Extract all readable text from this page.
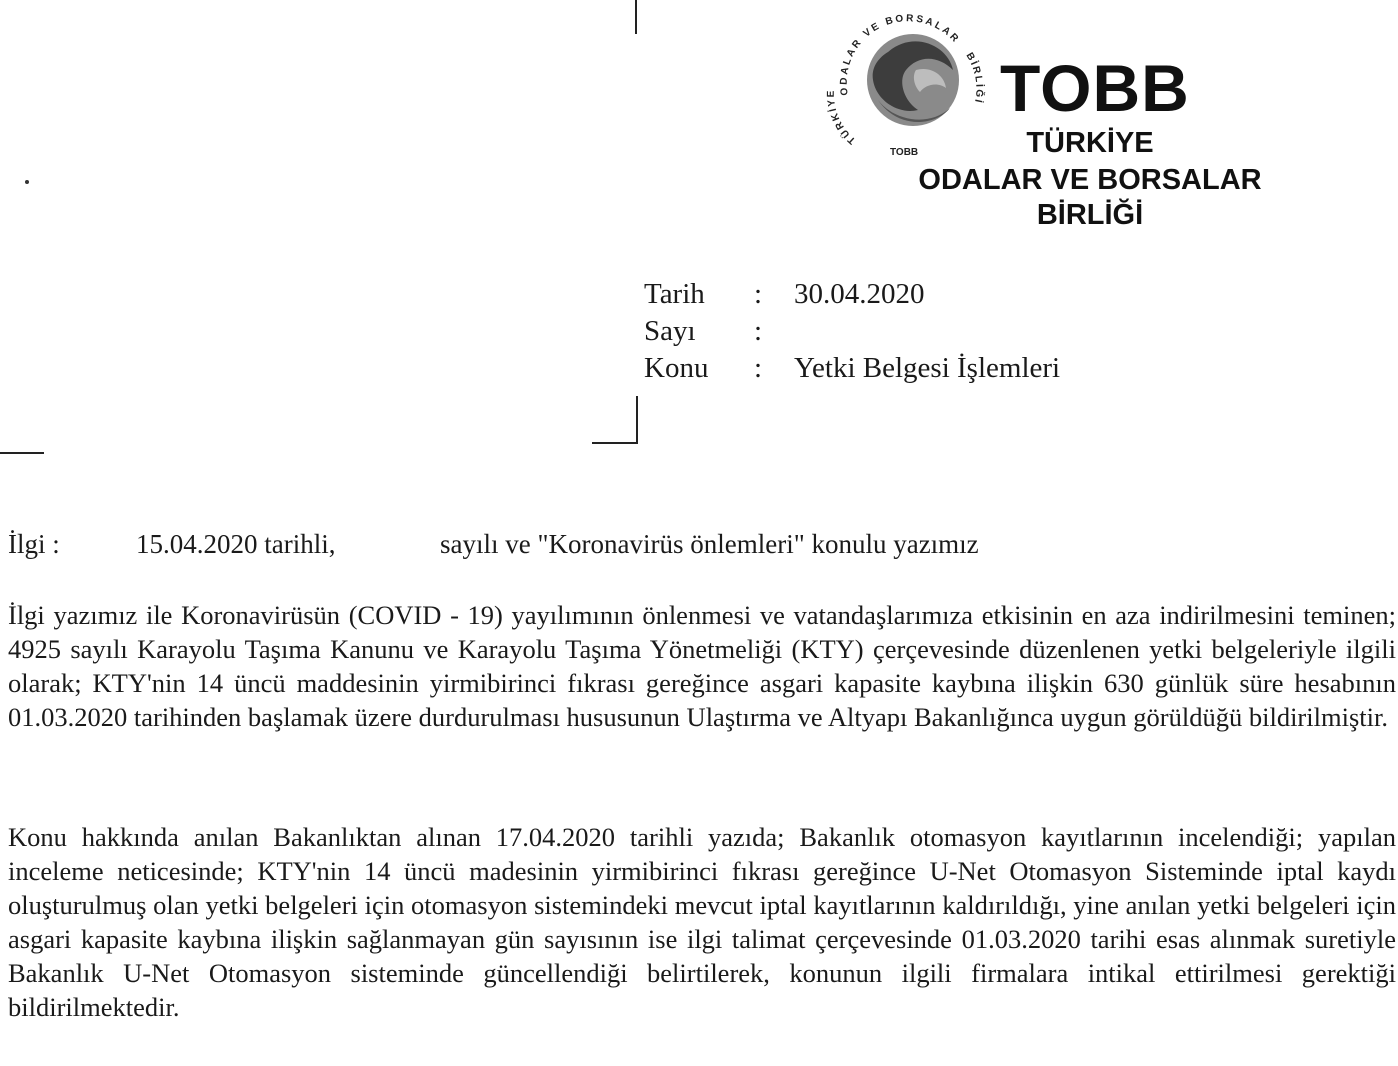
ODALAR VE BORSALAR
BİRLİĞİ
TÜRKİYE
TOBB
TOBB
TÜRKİYE
ODALAR VE BORSALAR
BİRLİĞİ
Tarih : 30.04.2020
Sayı :
Konu : Yetki Belgesi İşlemleri
İlgi :	15.04.2020 tarihli,	sayılı ve "Koronavirüs önlemleri" konulu yazımız
İlgi yazımız ile Koronavirüsün (COVID - 19) yayılımının önlenmesi ve vatandaşlarımıza etkisinin en aza indirilmesini teminen; 4925 sayılı Karayolu Taşıma Kanunu ve Karayolu Taşıma Yönetmeliği (KTY) çerçevesinde düzenlenen yetki belgeleriyle ilgili olarak; KTY'nin 14 üncü maddesinin yirmibirinci fıkrası gereğince asgari kapasite kaybına ilişkin 630 günlük süre hesabının 01.03.2020 tarihinden başlamak üzere durdurulması hususunun Ulaştırma ve Altyapı Bakanlığınca uygun görüldüğü bildirilmiştir.
Konu hakkında anılan Bakanlıktan alınan 17.04.2020 tarihli yazıda; Bakanlık otomasyon kayıtlarının incelendiği; yapılan inceleme neticesinde; KTY'nin 14 üncü madesinin yirmibirinci fıkrası gereğince U-Net Otomasyon Sisteminde iptal kaydı oluşturulmuş olan yetki belgeleri için otomasyon sistemindeki mevcut iptal kayıtlarının kaldırıldığı, yine anılan yetki belgeleri için asgari kapasite kaybına ilişkin sağlanmayan gün sayısının ise ilgi talimat çerçevesinde 01.03.2020 tarihi esas alınmak suretiyle Bakanlık U-Net Otomasyon sisteminde güncellendiği belirtilerek, konunun ilgili firmalara intikal ettirilmesi gerektiği bildirilmektedir.
